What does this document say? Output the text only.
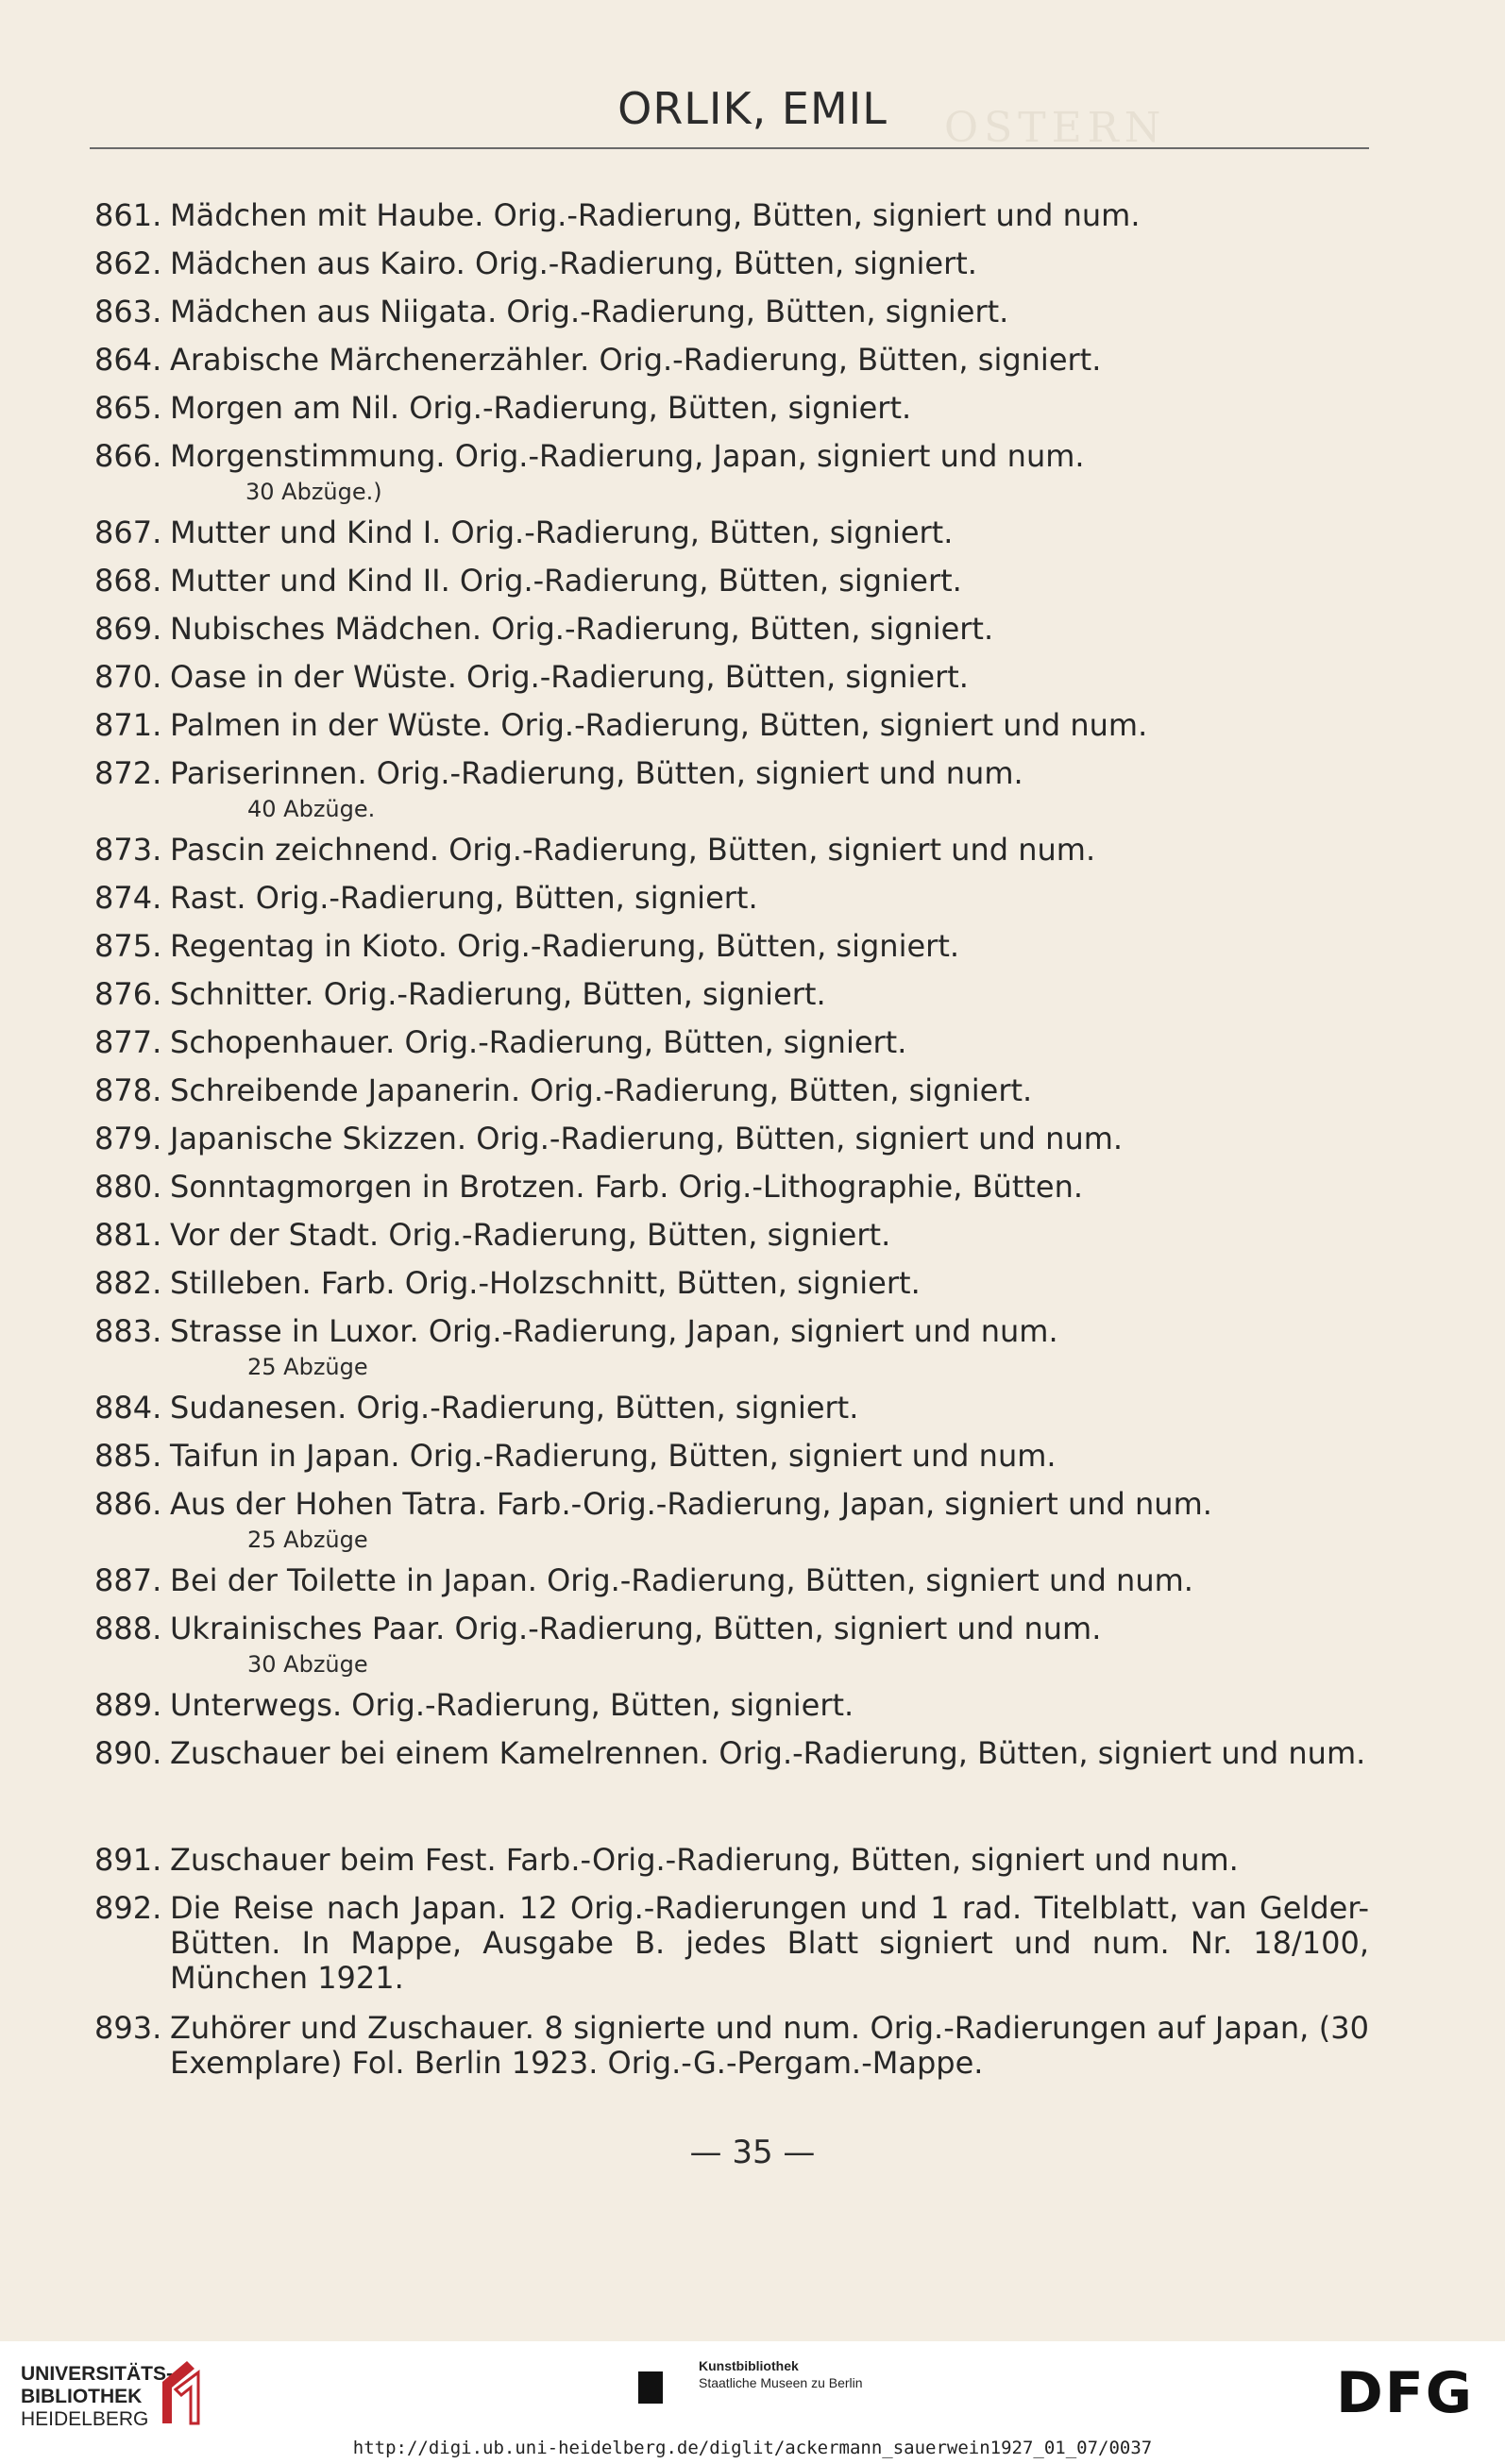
OSTERN
ORLIK, EMIL
861. Mädchen mit Haube. Orig.-Radierung, Bütten, signiert und num.
862. Mädchen aus Kairo. Orig.-Radierung, Bütten, signiert.
863. Mädchen aus Niigata. Orig.-Radierung, Bütten, signiert.
864. Arabische Märchenerzähler. Orig.-Radierung, Bütten, signiert.
865. Morgen am Nil. Orig.-Radierung, Bütten, signiert.
866. Morgenstimmung. Orig.-Radierung, Japan, signiert und num.
30 Abzüge.)
867. Mutter und Kind I. Orig.-Radierung, Bütten, signiert.
868. Mutter und Kind II. Orig.-Radierung, Bütten, signiert.
869. Nubisches Mädchen. Orig.-Radierung, Bütten, signiert.
870. Oase in der Wüste. Orig.-Radierung, Bütten, signiert.
871. Palmen in der Wüste. Orig.-Radierung, Bütten, signiert und num.
872. Pariserinnen. Orig.-Radierung, Bütten, signiert und num.
40 Abzüge.
873. Pascin zeichnend. Orig.-Radierung, Bütten, signiert und num.
874. Rast. Orig.-Radierung, Bütten, signiert.
875. Regentag in Kioto. Orig.-Radierung, Bütten, signiert.
876. Schnitter. Orig.-Radierung, Bütten, signiert.
877. Schopenhauer. Orig.-Radierung, Bütten, signiert.
878. Schreibende Japanerin. Orig.-Radierung, Bütten, signiert.
879. Japanische Skizzen. Orig.-Radierung, Bütten, signiert und num.
880. Sonntagmorgen in Brotzen. Farb. Orig.-Lithographie, Bütten.
881. Vor der Stadt. Orig.-Radierung, Bütten, signiert.
882. Stilleben. Farb. Orig.-Holzschnitt, Bütten, signiert.
883. Strasse in Luxor. Orig.-Radierung, Japan, signiert und num.
25 Abzüge
884. Sudanesen. Orig.-Radierung, Bütten, signiert.
885. Taifun in Japan. Orig.-Radierung, Bütten, signiert und num.
886. Aus der Hohen Tatra. Farb.-Orig.-Radierung, Japan, signiert und num.
25 Abzüge
887. Bei der Toilette in Japan. Orig.-Radierung, Bütten, signiert und num.
888. Ukrainisches Paar. Orig.-Radierung, Bütten, signiert und num.
30 Abzüge
889. Unterwegs. Orig.-Radierung, Bütten, signiert.
890. Zuschauer bei einem Kamelrennen. Orig.-Radierung, Bütten, signiert und num.
891. Zuschauer beim Fest. Farb.-Orig.-Radierung, Bütten, signiert und num.
892. Die Reise nach Japan. 12 Orig.-Radierungen und 1 rad. Titelblatt, van Gelder-Bütten. In Mappe, Ausgabe B. jedes Blatt signiert und num. Nr. 18/100, München 1921.
893. Zuhörer und Zuschauer. 8 signierte und num. Orig.-Radierungen auf Japan, (30 Exemplare) Fol. Berlin 1923. Orig.-G.-Pergam.-Mappe.
— 35 —
UNIVERSITÄTS-
BIBLIOTHEK
HEIDELBERG
Kunstbibliothek
Staatliche Museen zu Berlin	DFG
http://digi.ub.uni-heidelberg.de/diglit/ackermann_sauerwein1927_01_07/0037
